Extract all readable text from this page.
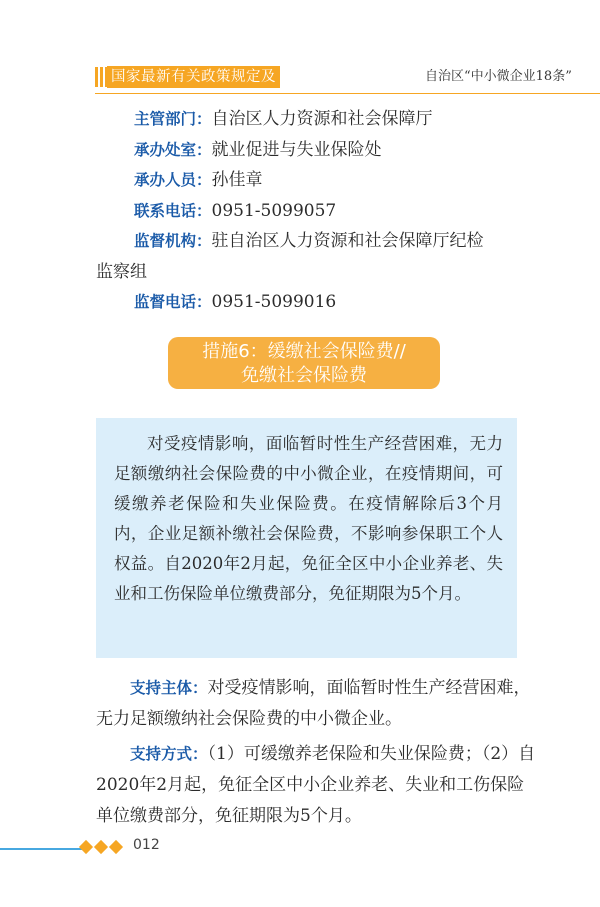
国家最新有关政策规定及	自治区“中小微企业18条”
主管部门：自治区人力资源和社会保障厅
承办处室：就业促进与失业保险处
承办人员：孙佳章
联系电话：0951-5099057
监督机构：驻自治区人力资源和社会保障厅纪检
监察组
监督电话：0951-5099016
措施6：缓缴社会保险费//
免缴社会保险费

对受疫情影响，面临暂时性生产经营困难，无力足额缴纳社会保险费的中小微企业，在疫情期间，可缓缴养老保险和失业保险费。在疫情解除后3个月内，企业足额补缴社会保险费，不影响参保职工个人权益。自2020年2月起，免征全区中小企业养老、失业和工伤保险单位缴费部分，免征期限为5个月。

支持主体：对受疫情影响，面临暂时性生产经营困难，无力足额缴纳社会保险费的中小微企业。

支持方式：（1）可缓缴养老保险和失业保险费；（2）自2020年2月起，免征全区中小企业养老、失业和工伤保险单位缴费部分，免征期限为5个月。

012
